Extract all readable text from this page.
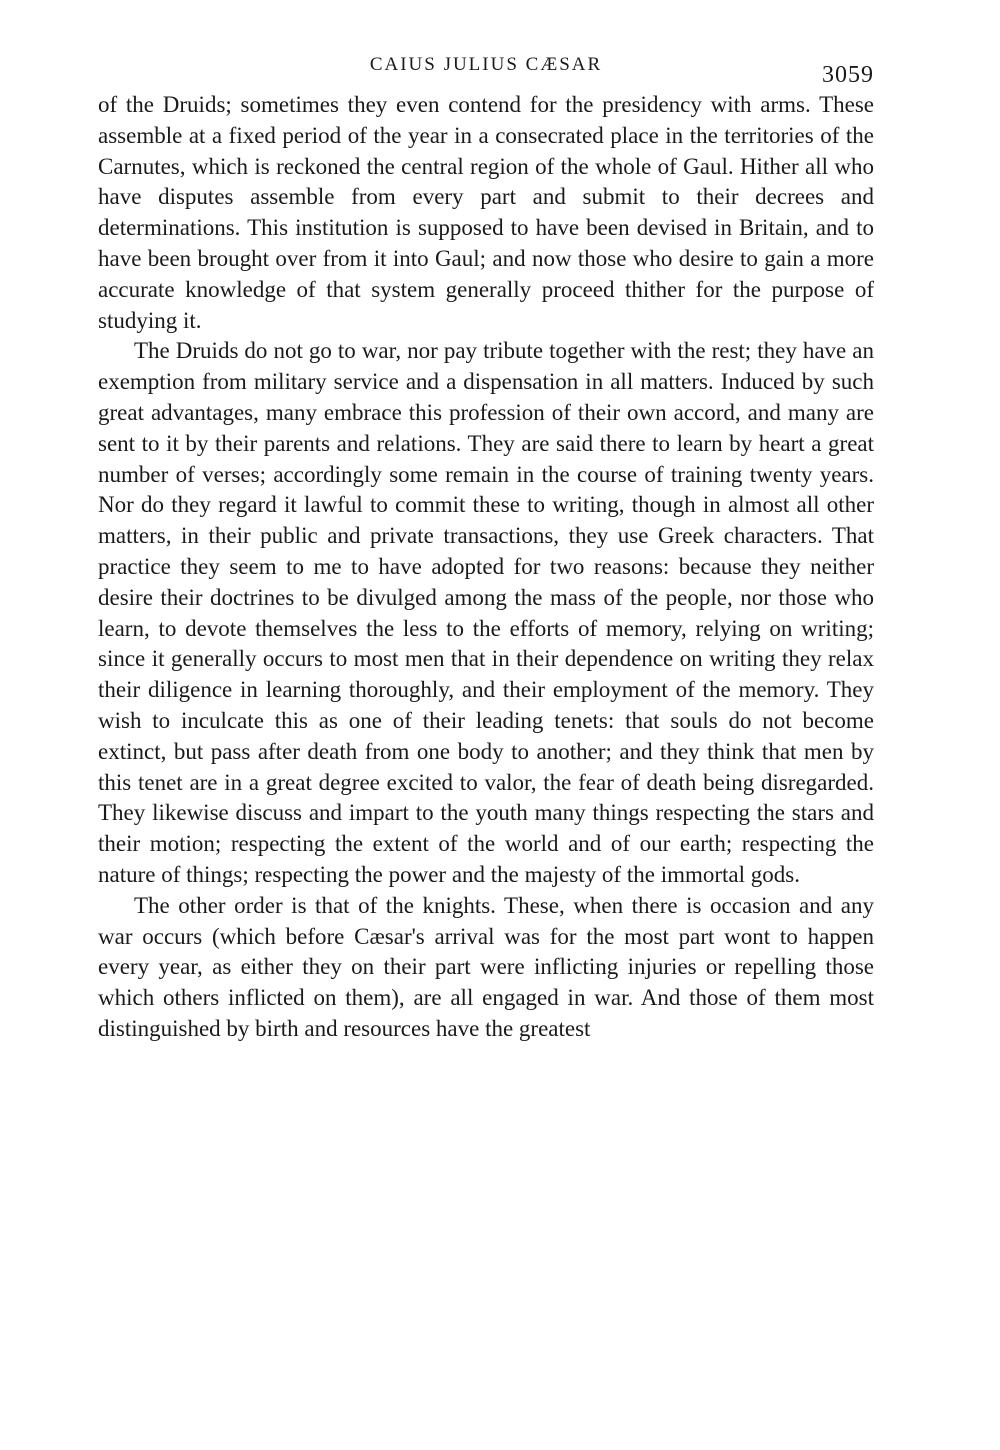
CAIUS JULIUS CÆSAR	3059

of the Druids; sometimes they even contend for the presidency with arms. These assemble at a fixed period of the year in a consecrated place in the territories of the Carnutes, which is reckoned the central region of the whole of Gaul. Hither all who have disputes assemble from every part and submit to their decrees and determinations. This institution is supposed to have been devised in Britain, and to have been brought over from it into Gaul; and now those who desire to gain a more accurate knowledge of that system generally proceed thither for the purpose of studying it.

The Druids do not go to war, nor pay tribute together with the rest; they have an exemption from military service and a dispensation in all matters. Induced by such great advantages, many embrace this profession of their own accord, and many are sent to it by their parents and relations. They are said there to learn by heart a great number of verses; accordingly some remain in the course of training twenty years. Nor do they regard it lawful to commit these to writing, though in almost all other matters, in their public and private transactions, they use Greek characters. That practice they seem to me to have adopted for two reasons: because they neither desire their doctrines to be divulged among the mass of the people, nor those who learn, to devote themselves the less to the efforts of memory, relying on writing; since it generally occurs to most men that in their dependence on writing they relax their diligence in learning thoroughly, and their employment of the memory. They wish to inculcate this as one of their leading tenets: that souls do not become extinct, but pass after death from one body to another; and they think that men by this tenet are in a great degree excited to valor, the fear of death being disregarded. They likewise discuss and impart to the youth many things respecting the stars and their motion; respecting the extent of the world and of our earth; respecting the nature of things; respecting the power and the majesty of the immortal gods.

The other order is that of the knights. These, when there is occasion and any war occurs (which before Cæsar's arrival was for the most part wont to happen every year, as either they on their part were inflicting injuries or repelling those which others inflicted on them), are all engaged in war. And those of them most distinguished by birth and resources have the greatest
